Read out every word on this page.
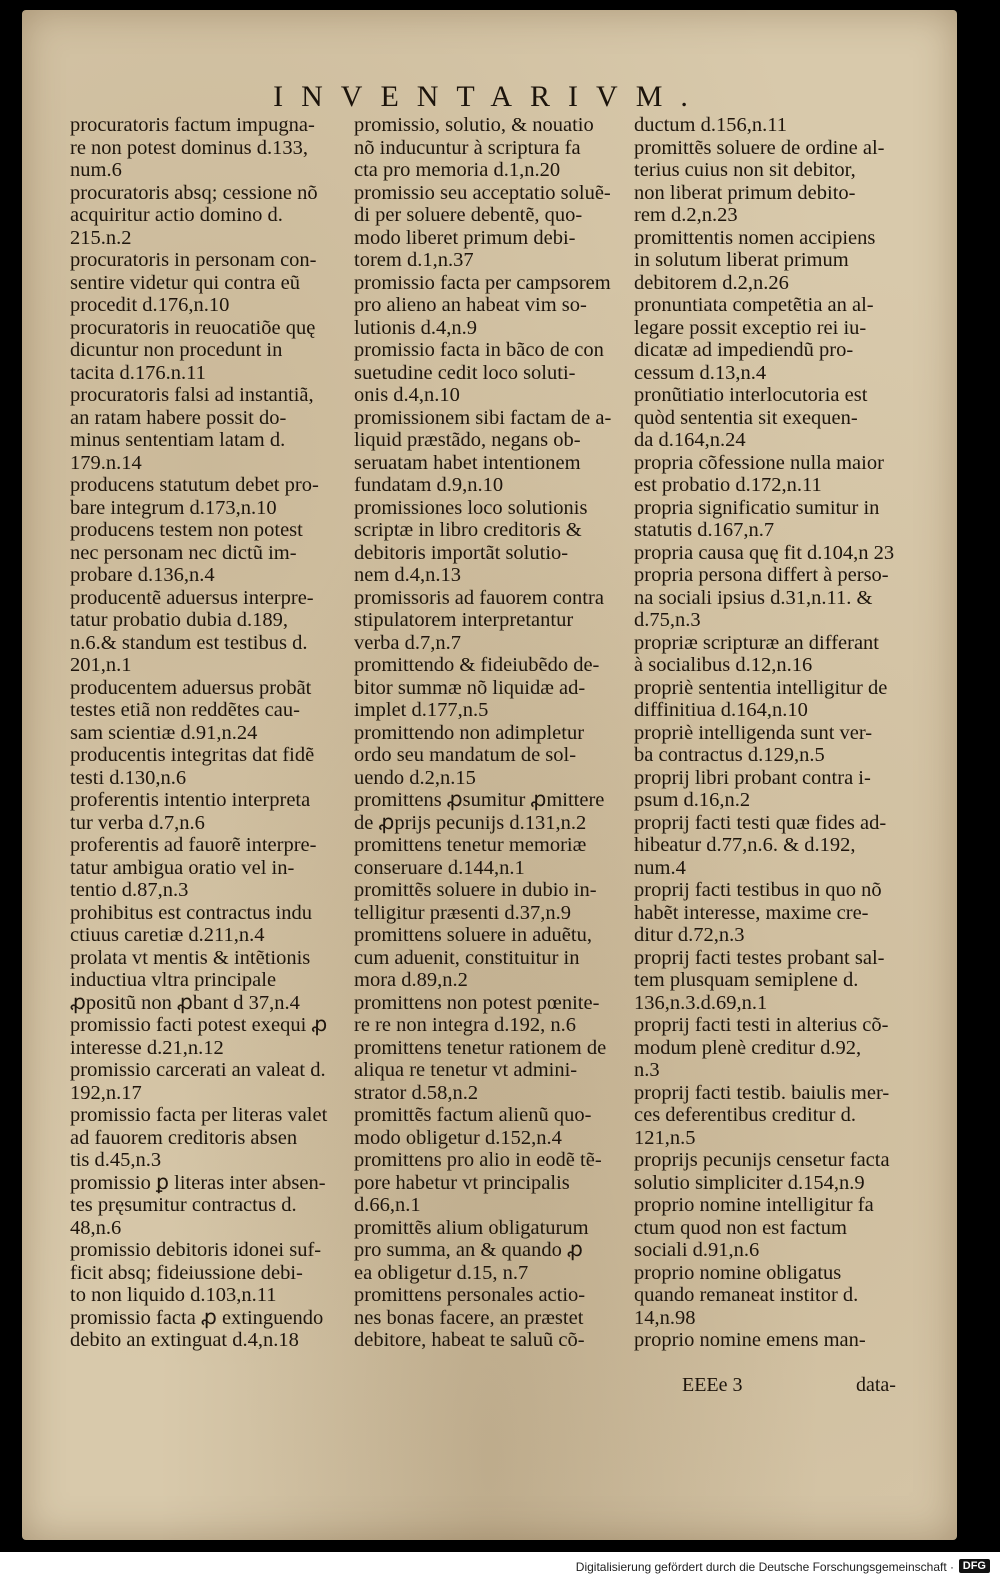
INVENTARIVM.
procuratoris factum impugna-
re non potest dominus d.133,
num.6
procuratoris absq; cessione nõ
acquiritur actio domino d.
215.n.2
procuratoris in personam con-
sentire videtur qui contra eũ
procedit d.176,n.10
procuratoris in reuocatiõe quę
dicuntur non procedunt in
tacita d.176.n.11
procuratoris falsi ad instantiã,
an ratam habere possit do-
minus sententiam latam d.
179.n.14
producens statutum debet pro-
bare integrum d.173,n.10
producens testem non potest
nec personam nec dictũ im-
probare d.136,n.4
producentẽ aduersus interpre-
tatur probatio dubia d.189,
n.6.& standum est testibus d.
201,n.1
producentem aduersus probãt
testes etiã non reddẽtes cau-
sam scientiæ d.91,n.24
producentis integritas dat fidẽ
testi d.130,n.6
proferentis intentio interpreta
tur verba d.7,n.6
proferentis ad fauorẽ interpre-
tatur ambigua oratio vel in-
tentio d.87,n.3
prohibitus est contractus indu
ctiuus caretiæ d.211,n.4
prolata vt mentis & intẽtionis
inductiua vltra principale
ꝓpositũ non ꝓbant d 37,n.4
promissio facti potest exequi ꝓ
interesse d.21,n.12
promissio carcerati an valeat d.
192,n.17
promissio facta per literas valet
ad fauorem creditoris absen
tis d.45,n.3
promissio ꝑ literas inter absen-
tes pręsumitur contractus d.
48,n.6
promissio debitoris idonei suf-
ficit absq; fideiussione debi-
to non liquido d.103,n.11
promissio facta ꝓ extinguendo
debito an extinguat d.4,n.18
promissio, solutio, & nouatio
nõ inducuntur à scriptura fa
cta pro memoria d.1,n.20
promissio seu acceptatio soluẽ-
di per soluere debentẽ, quo-
modo liberet primum debi-
torem d.1,n.37
promissio facta per campsorem
pro alieno an habeat vim so-
lutionis d.4,n.9
promissio facta in bãco de con
suetudine cedit loco soluti-
onis d.4,n.10
promissionem sibi factam de a-
liquid præstãdo, negans ob-
seruatam habet intentionem
fundatam d.9,n.10
promissiones loco solutionis
scriptæ in libro creditoris &
debitoris importãt solutio-
nem d.4,n.13
promissoris ad fauorem contra
stipulatorem interpretantur
verba d.7,n.7
promittendo & fideiubẽdo de-
bitor summæ nõ liquidæ ad-
implet d.177,n.5
promittendo non adimpletur
ordo seu mandatum de sol-
uendo d.2,n.15
promittens ꝓsumitur ꝓmittere
de ꝓprijs pecunijs d.131,n.2
promittens tenetur memoriæ
conseruare d.144,n.1
promittẽs soluere in dubio in-
telligitur præsenti d.37,n.9
promittens soluere in aduẽtu,
cum aduenit, constituitur in
mora d.89,n.2
promittens non potest pœnite-
re re non integra d.192, n.6
promittens tenetur rationem de
aliqua re tenetur vt admini-
strator d.58,n.2
promittẽs factum alienũ quo-
modo obligetur d.152,n.4
promittens pro alio in eodẽ tẽ-
pore habetur vt principalis
d.66,n.1
promittẽs alium obligaturum
pro summa, an & quando ꝓ
ea obligetur d.15, n.7
promittens personales actio-
nes bonas facere, an præstet
debitore, habeat te saluũ cõ-
ductum d.156,n.11
promittẽs soluere de ordine al-
terius cuius non sit debitor,
non liberat primum debito-
rem d.2,n.23
promittentis nomen accipiens
in solutum liberat primum
debitorem d.2,n.26
pronuntiata competẽtia an al-
legare possit exceptio rei iu-
dicatæ ad impediendũ pro-
cessum d.13,n.4
pronũtiatio interlocutoria est
quòd sententia sit exequen-
da d.164,n.24
propria cõfessione nulla maior
est probatio d.172,n.11
propria significatio sumitur in
statutis d.167,n.7
propria causa quę fit d.104,n 23
propria persona differt à perso-
na sociali ipsius d.31,n.11. &
d.75,n.3
propriæ scripturæ an differant
à socialibus d.12,n.16
propriè sententia intelligitur de
diffinitiua d.164,n.10
propriè intelligenda sunt ver-
ba contractus d.129,n.5
proprij libri probant contra i-
psum d.16,n.2
proprij facti testi quæ fides ad-
hibeatur d.77,n.6. & d.192,
num.4
proprij facti testibus in quo nõ
habẽt interesse, maxime cre-
ditur d.72,n.3
proprij facti testes probant sal-
tem plusquam semiplene d.
136,n.3.d.69,n.1
proprij facti testi in alterius cõ-
modum plenè creditur d.92,
n.3
proprij facti testib. baiulis mer-
ces deferentibus creditur d.
121,n.5
proprijs pecunijs censetur facta
solutio simpliciter d.154,n.9
proprio nomine intelligitur fa
ctum quod non est factum
sociali d.91,n.6
proprio nomine obligatus
quando remaneat institor d.
14,n.98
proprio nomine emens man-
EEEe 3	data-
Digitalisierung gefördert durch die Deutsche Forschungsgemeinschaft · DFG
